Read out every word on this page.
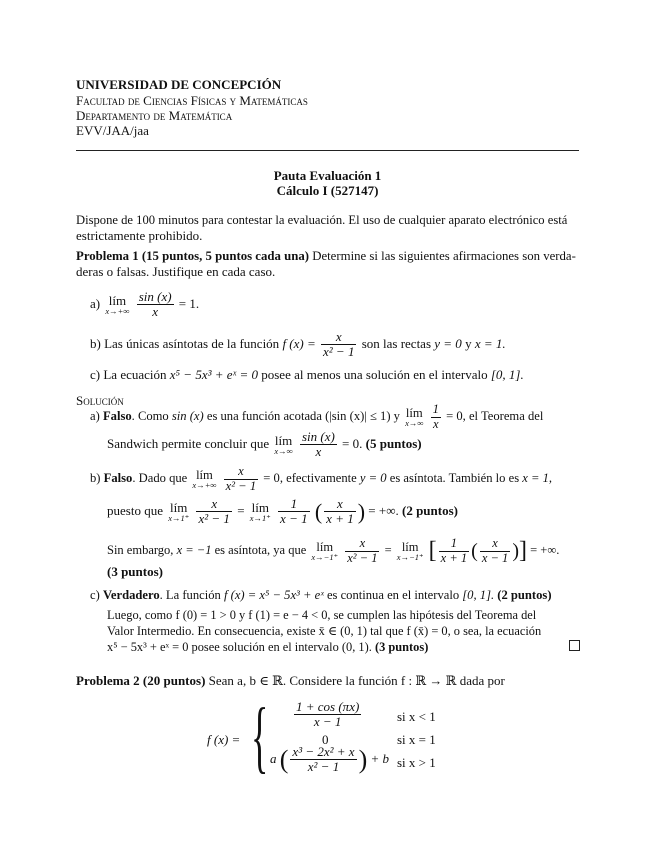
UNIVERSIDAD DE CONCEPCIÓN
Facultad de Ciencias Físicas y Matemáticas
Departamento de Matemática
EVV/JAA/jaa
Pauta Evaluación 1
Cálculo I (527147)
Dispone de 100 minutos para contestar la evaluación. El uso de cualquier aparato electrónico está
estrictamente prohibido.
Problema 1 (15 puntos, 5 puntos cada una) Determine si las siguientes afirmaciones son verda-
deras o falsas. Justifique en cada caso.
a) lím
x→+∞
$\frac{\sin (x)}{x} = 1$.
b) Las únicas asíntotas de la función f $(x) = \frac{x}{\text{x² − 1}}$ son las rectas y = 0 y x = 1.
c) La ecuación x⁵ − 5x³ + eˣ = 0 posee al menos una solución en el intervalo [0, 1].
Solución
a) Falso. Como sin (x) es una función acotada (|sin (x)| ≤ 1) y lím
x→∞
$\frac{1}{x} = 0$, el Teorema del
Sandwich permite concluir que lím
x→∞
$\frac{\sin (x)}{x} = 0$. (5 puntos)
b) Falso. Dado que lím
x→+∞
$\frac{x}{\text{x² − 1}} = 0$, efectivamente y = 0 es asíntota. También lo es x = 1,
puesto que lím
x→1⁺
$\frac{x}{\text{x² − 1}}$ = lím
x→1⁺
$\frac{1}{x - 1}$ ( $\frac{x}{x + 1}$ ) = +∞. (2 puntos)
Sin embargo, x = −1 es asíntota, ya que lím
x→−1⁺
$\frac{x}{\text{x² − 1}}$ = lím
x→−1⁺ [ $\frac{1}{x + 1}$ ( $\frac{x}{x - 1}$ )] = +∞.
(3 puntos)
c) Verdadero. La función f (x) = x⁵ − 5x³ + eˣ es continua en el intervalo [0, 1]. (2 puntos)
Luego, como f (0) = 1 > 0 y f (1) = e − 4 < 0, se cumplen las hipótesis del Teorema del
Valor Intermedio. En consecuencia, existe x̄ ∈ (0, 1) tal que f (x̄) = 0, o sea, la ecuación
x⁵ − 5x³ + eˣ = 0 posee solución en el intervalo (0, 1). (3 puntos)
Problema 2 (20 puntos) Sean a, b ∈ ℝ. Considere la función f : ℝ → ℝ dada por
f (x) = { $\frac{1 + \cos (\pi x)}{x - 1}$	si x < 1
0	si x = 1
a ( $\frac{\text{x³ − 2x² + x}}{\text{x² − 1}}$ ) + b si x > 1
